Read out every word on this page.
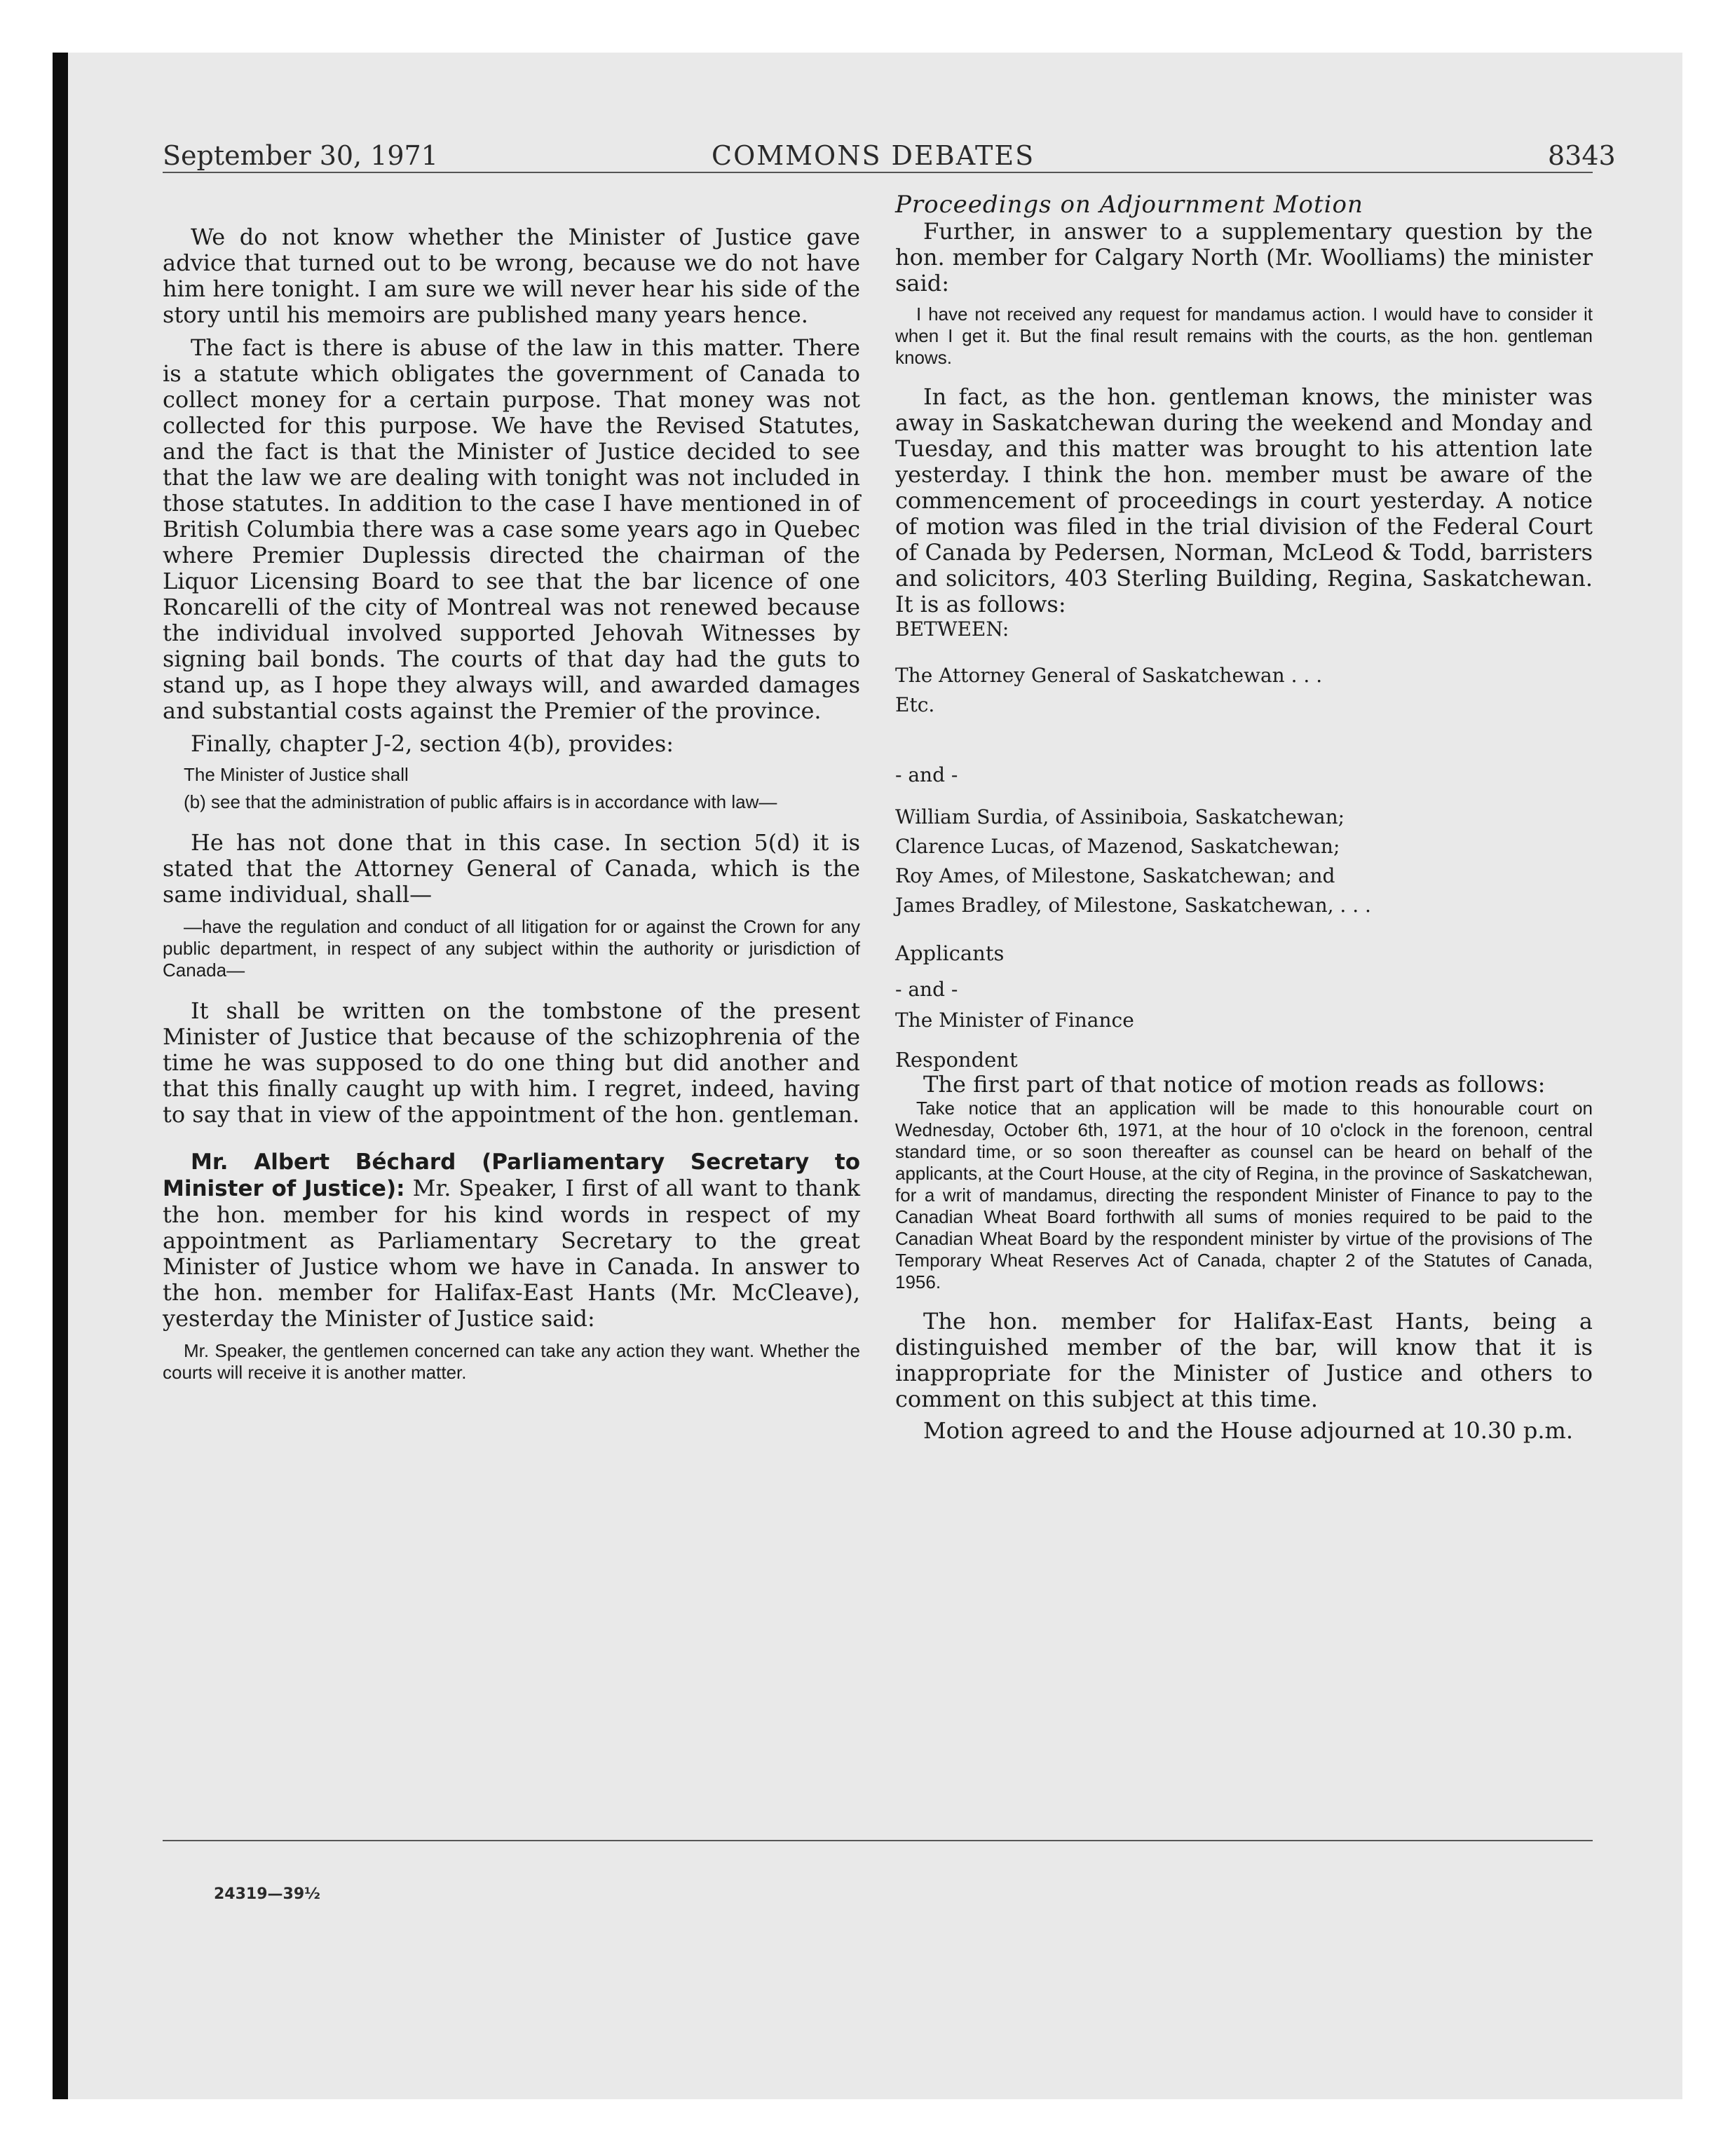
September 30, 1971	COMMONS DEBATES	8343

We do not know whether the Minister of Justice gave advice that turned out to be wrong, because we do not have him here tonight. I am sure we will never hear his side of the story until his memoirs are published many years hence.

The fact is there is abuse of the law in this matter. There is a statute which obligates the government of Canada to collect money for a certain purpose. That money was not collected for this purpose. We have the Revised Statutes, and the fact is that the Minister of Justice decided to see that the law we are dealing with tonight was not included in those statutes. In addition to the case I have mentioned in of British Columbia there was a case some years ago in Quebec where Premier Duplessis directed the chairman of the Liquor Licensing Board to see that the bar licence of one Roncarelli of the city of Montreal was not renewed because the individual involved supported Jehovah Witnesses by signing bail bonds. The courts of that day had the guts to stand up, as I hope they always will, and awarded damages and substantial costs against the Premier of the province.

Finally, chapter J-2, section 4(b), provides:

The Minister of Justice shall

(b) see that the administration of public affairs is in accordance with law—

He has not done that in this case. In section 5(d) it is stated that the Attorney General of Canada, which is the same individual, shall—

—have the regulation and conduct of all litigation for or against the Crown for any public department, in respect of any subject within the authority or jurisdiction of Canada—

It shall be written on the tombstone of the present Minister of Justice that because of the schizophrenia of the time he was supposed to do one thing but did another and that this finally caught up with him. I regret, indeed, having to say that in view of the appointment of the hon. gentleman.

Mr. Albert Béchard (Parliamentary Secretary to Minister of Justice): Mr. Speaker, I first of all want to thank the hon. member for his kind words in respect of my appointment as Parliamentary Secretary to the great Minister of Justice whom we have in Canada. In answer to the hon. member for Halifax-East Hants (Mr. McCleave), yesterday the Minister of Justice said:

Mr. Speaker, the gentlemen concerned can take any action they want. Whether the courts will receive it is another matter.

Proceedings on Adjournment Motion

Further, in answer to a supplementary question by the hon. member for Calgary North (Mr. Woolliams) the minister said:

I have not received any request for mandamus action. I would have to consider it when I get it. But the final result remains with the courts, as the hon. gentleman knows.

In fact, as the hon. gentleman knows, the minister was away in Saskatchewan during the weekend and Monday and Tuesday, and this matter was brought to his attention late yesterday. I think the hon. member must be aware of the commencement of proceedings in court yesterday. A notice of motion was filed in the trial division of the Federal Court of Canada by Pedersen, Norman, McLeod & Todd, barristers and solicitors, 403 Sterling Building, Regina, Saskatchewan. It is as follows:

BETWEEN:

The Attorney General of Saskatchewan . . .

Etc.

- and -

William Surdia, of Assiniboia, Saskatchewan;

Clarence Lucas, of Mazenod, Saskatchewan;

Roy Ames, of Milestone, Saskatchewan; and

James Bradley, of Milestone, Saskatchewan, . . .

Applicants

- and -

The Minister of Finance

Respondent

The first part of that notice of motion reads as follows:

Take notice that an application will be made to this honourable court on Wednesday, October 6th, 1971, at the hour of 10 o'clock in the forenoon, central standard time, or so soon thereafter as counsel can be heard on behalf of the applicants, at the Court House, at the city of Regina, in the province of Saskatchewan, for a writ of mandamus, directing the respondent Minister of Finance to pay to the Canadian Wheat Board forthwith all sums of monies required to be paid to the Canadian Wheat Board by the respondent minister by virtue of the provisions of The Temporary Wheat Reserves Act of Canada, chapter 2 of the Statutes of Canada, 1956.

The hon. member for Halifax-East Hants, being a distinguished member of the bar, will know that it is inappropriate for the Minister of Justice and others to comment on this subject at this time.

Motion agreed to and the House adjourned at 10.30 p.m.

24319—39½
